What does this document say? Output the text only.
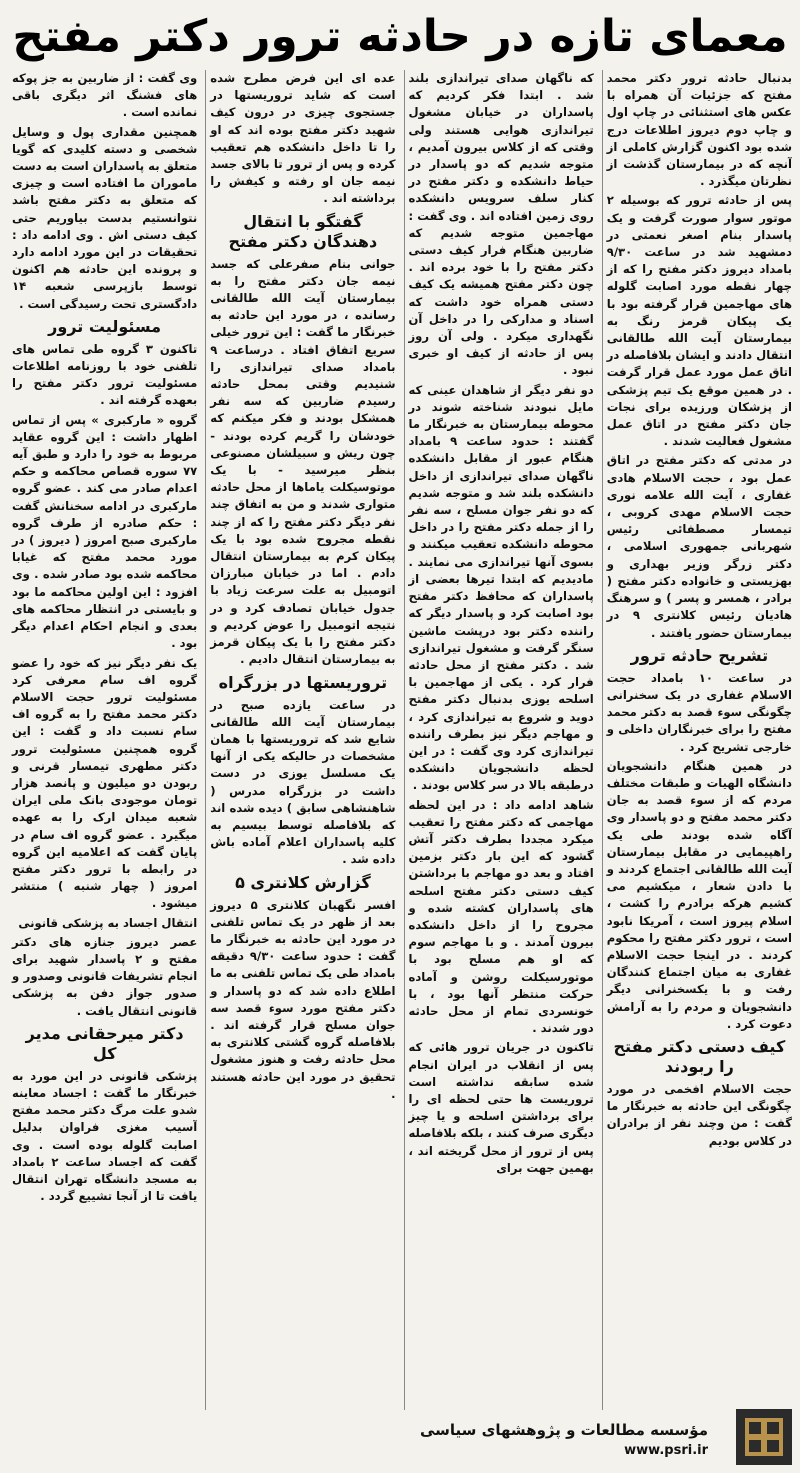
معمای تازه در حادثه ترور دکتر مفتح

بدنبال حادثه ترور دکتر محمد مفتح که جزئیات آن همراه با عکس های استثنائی در چاپ اول و چاپ دوم دیروز اطلاعات درج شده بود اکنون گزارش کاملی از آنچه که در بیمارستان گذشت از نظرتان میگذرد .

پس از حادثه ترور که بوسیله ۲ موتور سوار صورت گرفت و یک پاسدار بنام اصغر نعمتی در دمشهید شد در ساعت ۹/۳۰ بامداد دیروز دکتر مفتح را که از چهار نقطه مورد اصابت گلوله های مهاجمین قرار گرفته بود با یک پیکان قرمز رنگ به بیمارستان آیت الله طالقانی انتقال دادند و ایشان بلافاصله در اتاق عمل مورد عمل قرار گرفت . در همین موقع یک تیم پزشکی از پزشکان ورزیده برای نجات جان دکتر مفتح در اتاق عمل مشغول فعالیت شدند .

در مدتی که دکتر مفتح در اتاق عمل بود ، حجت الاسلام هادی غفاری ، آیت الله علامه نوری حجت الاسلام مهدی کروبی ، تیمسار مصطفائی رئیس شهربانی جمهوری اسلامی ، دکتر زرگر وزیر بهداری و بهزیستی و خانواده دکتر مفتح ( برادر ، همسر و پسر ) و سرهنگ هادیان رئیس کلانتری ۹ در بیمارستان حضور یافتند .

تشریح حادثه ترور

در ساعت ۱۰ بامداد حجت الاسلام غفاری در یک سخنرانی چگونگی سوء قصد به دکتر محمد مفتح را برای خبرنگاران داخلی و خارجی تشریح کرد .

در همین هنگام دانشجویان دانشگاه الهیات و طبقات مختلف مردم که از سوء قصد به جان دکتر محمد مفتح و دو پاسدار وی آگاه شده بودند طی یک راهپیمایی در مقابل بیمارستان آیت الله طالقانی اجتماع کردند و با دادن شعار ، میکشیم می کشیم هرکه برادرم را کشت ، اسلام پیروز است ، آمریکا نابود است ، ترور دکتر مفتح را محکوم کردند . در اینجا حجت الاسلام غفاری به میان اجتماع کنندگان رفت و با یکسخنرانی دیگر دانشجویان و مردم را به آرامش دعوت کرد .

کیف دستی دکتر مفتح را ربودند

حجت الاسلام افخمی در مورد چگونگی این حادثه به خبرنگار ما گفت : من وچند نفر از برادران در کلاس بودیم

که ناگهان صدای تیراندازی بلند شد . ابتدا فکر کردیم که پاسداران در خیابان مشغول تیراندازی هوایی هستند ولی وقتی که از کلاس بیرون آمدیم ، متوجه شدیم که دو پاسدار در حیاط دانشکده و دکتر مفتح در کنار سلف سرویس دانشکده روی زمین افتاده اند . وی گفت : مهاجمین متوجه شدیم که ضاربین هنگام فرار کیف دستی دکتر مفتح را با خود برده اند . چون دکتر مفتح همیشه یک کیف دستی همراه خود داشت که اسناد و مدارکی را در داخل آن نگهداری میکرد . ولی آن روز پس از حادثه از کیف او خبری نبود .

دو نفر دیگر از شاهدان عینی که مایل نبودند شناخته شوند در محوطه بیمارستان به خبرنگار ما گفتند : حدود ساعت ۹ بامداد هنگام عبور از مقابل دانشکده ناگهان صدای تیراندازی از داخل دانشکده بلند شد و متوجه شدیم که دو نفر جوان مسلح ، سه نفر را از جمله دکتر مفتح را در داخل محوطه دانشکده تعقیب میکنند و بسوی آنها تیراندازی می نمایند . مادیدیم که ابتدا تیرها بعضی از پاسداران که محافظ دکتر مفتح بود اصابت کرد و پاسدار دیگر که راننده دکتر بود درپشت ماشین سنگر گرفت و مشغول تیراندازی شد . دکتر مفتح از محل حادثه فرار کرد . یکی از مهاجمین با اسلحه یوزی بدنبال دکتر مفتح دوید و شروع به تیراندازی کرد ، و مهاجم دیگر نیز بطرف راننده تیراندازی کرد وی گفت : در این لحظه دانشجویان دانشکده درطبقه بالا در سر کلاس بودند .

شاهد ادامه داد : در این لحظه مهاجمی که دکتر مفتح را تعقیب میکرد مجددا بطرف دکتر آتش گشود که این بار دکتر بزمین افتاد و بعد دو مهاجم با برداشتن کیف دستی دکتر مفتح اسلحه های پاسداران کشته شده و مجروح را از داخل دانشکده بیرون آمدند . و با مهاجم سوم که او هم مسلح بود با موتورسیکلت روشن و آماده حرکت منتظر آنها بود ، با خونسردی تمام از محل حادثه دور شدند .

تاکنون در جریان ترور هائی که پس از انقلاب در ایران انجام شده سابقه نداشته است تروریست ها حتی لحظه ای را برای برداشتن اسلحه و یا چیز دیگری صرف کنند ، بلکه بلافاصله پس از ترور از محل گریخته اند ، بهمین جهت برای

عده ای این فرض مطرح شده است که شاید تروریستها در جستجوی چیزی در درون کیف شهید دکتر مفتح بوده اند که او را تا داخل دانشکده هم تعقیب کرده و پس از ترور تا بالای جسد نیمه جان او رفته و کیفش را برداشته اند .

گفتگو با انتقال دهندگان دکتر مفتح

جوانی بنام صفرعلی که جسد نیمه جان دکتر مفتح را به بیمارستان آیت الله طالقانی رسانده ، در مورد این حادثه به خبرنگار ما گفت : این ترور خیلی سریع اتفاق افتاد . درساعت ۹ بامداد صدای تیراندازی را شنیدیم وقتی بمحل حادثه رسیدم ضاربین که سه نفر همشکل بودند و فکر میکنم که خودشان را گریم کرده بودند - چون ریش و سبیلشان مصنوعی بنظر میرسید - با یک موتوسیکلت یاماها از محل حادثه متواری شدند و من به اتفاق چند نفر دیگر دکتر مفتح را که از چند نقطه مجروح شده بود با یک پیکان کرم به بیمارستان انتقال دادم . اما در خیابان مبارزان اتومبیل به علت سرعت زیاد با جدول خیابان تصادف کرد و در نتیجه اتومبیل را عوض کردیم و دکتر مفتح را با یک پیکان قرمز به بیمارستان انتقال دادیم .

تروریستها در بزرگراه

در ساعت یازده صبح در بیمارستان آیت الله طالقانی شایع شد که تروریستها با همان مشخصات در حالیکه یکی از آنها یک مسلسل یوزی در دست داشت در بزرگراه مدرس ( شاهنشاهی سابق ) دیده شده اند که بلافاصله توسط بیسیم به کلیه پاسداران اعلام آماده باش داده شد .

گزارش کلانتری ۵

افسر نگهبان کلانتری ۵ دیروز بعد از ظهر در یک تماس تلفنی در مورد این حادثه به خبرنگار ما گفت : حدود ساعت ۹/۳۰ دقیقه بامداد طی یک تماس تلفنی به ما اطلاع داده شد که دو پاسدار و دکتر مفتح مورد سوء قصد سه جوان مسلح قرار گرفته اند . بلافاصله گروه گشتی کلانتری به محل حادثه رفت و هنوز مشغول تحقیق در مورد این حادثه هستند .

وی گفت : از ضاربین به جز پوکه های فشنگ اثر دیگری باقی نمانده است .

همچنین مقداری پول و وسایل شخصی و دسته کلیدی که گویا متعلق به پاسداران است به دست ماموران ما افتاده است و چیزی که متعلق به دکتر مفتح باشد نتوانستیم بدست بیاوریم حتی کیف دستی اش . وی ادامه داد : تحقیقات در این مورد ادامه دارد و پرونده این حادثه هم اکنون توسط بازپرسی شعبه ۱۴ دادگستری تحت رسیدگی است .

مسئولیت ترور

تاکنون ۳ گروه طی تماس های تلفنی خود با روزنامه اطلاعات مسئولیت ترور دکتر مفتح را بعهده گرفته اند .

گروه « مارکبری » پس از تماس اظهار داشت : این گروه عقاید مربوط به خود را دارد و طبق آیه ۷۷ سوره قصاص محاکمه و حکم اعدام صادر می کند . عضو گروه مارکبری در ادامه سخنانش گفت : حکم صادره از طرف گروه مارکبری صبح امروز ( دیروز ) در مورد محمد مفتح که غیابا محاکمه شده بود صادر شده . وی افزود : این اولین محاکمه ما بود و بایستی در انتظار محاکمه های بعدی و انجام احکام اعدام دیگر بود .

یک نفر دیگر نیز که خود را عضو گروه اف سام معرفی کرد مسئولیت ترور حجت الاسلام دکتر محمد مفتح را به گروه اف سام نسبت داد و گفت : این گروه همچنین مسئولیت ترور دکتر مطهری تیمسار قرنی و ربودن دو میلیون و پانصد هزار تومان موجودی بانک ملی ایران شعبه میدان ارک را به عهده میگیرد . عضو گروه اف سام در پایان گفت که اعلامیه این گروه در رابطه با ترور دکتر مفتح امروز ( چهار شنبه ) منتشر میشود .

انتقال اجساد به پزشکی قانونی

عصر دیروز جنازه های دکتر مفتح و ۲ پاسدار شهید برای انجام تشریفات قانونی وصدور و صدور جواز دفن به پزشکی قانونی انتقال یافت .

دکتر میرحقانی مدیر کل

پزشکی قانونی در این مورد به خبرنگار ما گفت : اجساد معاینه شدو علت مرگ دکتر محمد مفتح آسیب مغزی فراوان بدلیل اصابت گلوله بوده است . وی گفت که اجساد ساعت ۲ بامداد به مسجد دانشگاه تهران انتقال یافت تا از آنجا تشییع گردد .

مؤسسه مطالعات و پژوهشهای سیاسی
www.psri.ir
